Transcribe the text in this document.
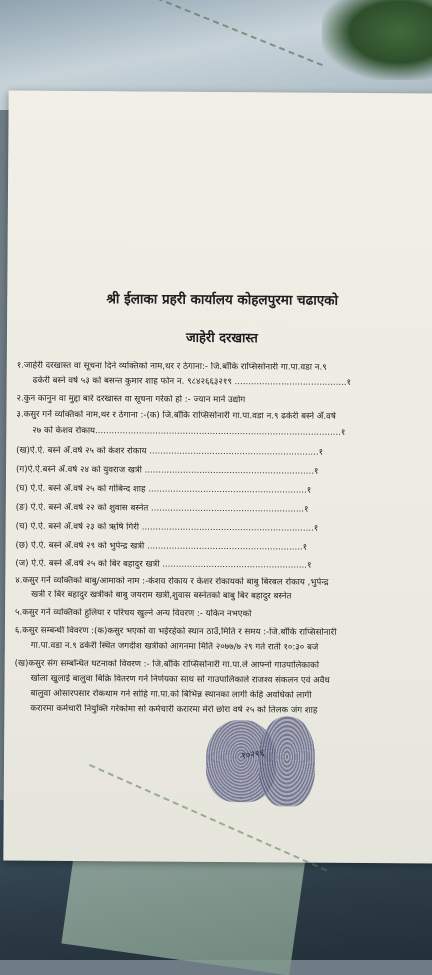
श्री ईलाका प्रहरी कार्यालय कोहलपुरमा चढाएको
जाहेरी दरखास्त
१.जाहेरी दरखास्त वा सूचना दिने व्यक्तिको नाम,थर र ठेगाना:- जि.बाँकि राप्सिसोनारी गा.पा.वडा न.९
ढकेरी बस्ने वर्ष ५३ को बसन्त कुमार शाह फोन न. ९८४२६६३२१९ .........................................१
२.कुन कानुन वा मुद्दा बारे दरखास्त वा सूचना गरेको हो :- ज्यान मार्ने उद्योग
३.कसुर गर्ने व्यक्तिको नाम,थर र ठेगाना :-(क) जि.बाँकि राप्सिसोनारी गा.पा.वडा न.९ ढकेरी बस्ने अँ.वर्ष
२७ को केशव रोकाय..........................................................................................१
(ख)ऐ.ऐ. बस्ने अँ.वर्ष २५ को केशर रोकाय ..............................................................१
(ग)ऐ.ऐ.बस्ने अँ.वर्ष २४ को युवराज खत्री ..............................................................१
(घ) ऐ.ऐ. बस्ने अँ.वर्ष २५ को गोबिन्द शाह ..........................................................१
(ङ) ऐ.ऐ. बस्ने अँ.वर्ष २२ को शुवास बस्नेत ........................................................१
(च) ऐ.ऐ. बस्ने अँ.वर्ष २३ को ऋषि गिरी ...............................................................१
(छ) ऐ.ऐ. बस्ने अँ.वर्ष २९ को भुपेन्द्र खत्री .........................................................१
(ज) ऐ.ऐ. बस्ने अँ.वर्ष २५ को बिर बहादुर खत्री .....................................................१
४.कसुर गर्ने व्यक्तिको बाबु/आमाको नाम :-केशव रोकाय र केशर रोकायको बाबु बिरबल रोकाय ,भुपेन्द्र
खत्री र बिर बहादुर खत्रीको बाबु जयराम खत्री,शुवास बस्नेतको बाबु बिर बहादुर बस्नेत
५.कसुर गर्ने व्यक्तिको हुलिया र परिचय खुल्ने अन्य विवरण :- यकिन नभएको
६.कसुर सम्बन्धी विवरण :(क)कसुर भएको वा भईरहेको स्थान ठाउँ,मिति र समय :-जि.बाँकि राप्सिसोनारी
गा.पा.वडा न.९ ढकेरी स्थित जगदीश खत्रीको आगनमा मिति २०७७/७ २९ गते राती १०:३० बजे
(ख)कसुर संग सम्बन्धित घटनाको विवरण :- जि.बाँकि राप्सिसोनारी गा.पा.ले आफ्नो गाउपालिकाको
खोला खुलाई बालुवा बिक्रि वितरण गर्ने निर्णयका साथ सो गाउपालिकाले राजश्व संकलन एवं अवैध
बालुवा ओसारपसार रोकथाम गर्न सोहि गा.पा.को बिभिन्न स्थानका लागी केहि अवधिको लागी
करारमा कर्मचारी नियुक्ति गरेकोमा सो कर्मचारी करारमा मेरो छोरा वर्ष २५ को तिलक जंग शाह
१०२१६
